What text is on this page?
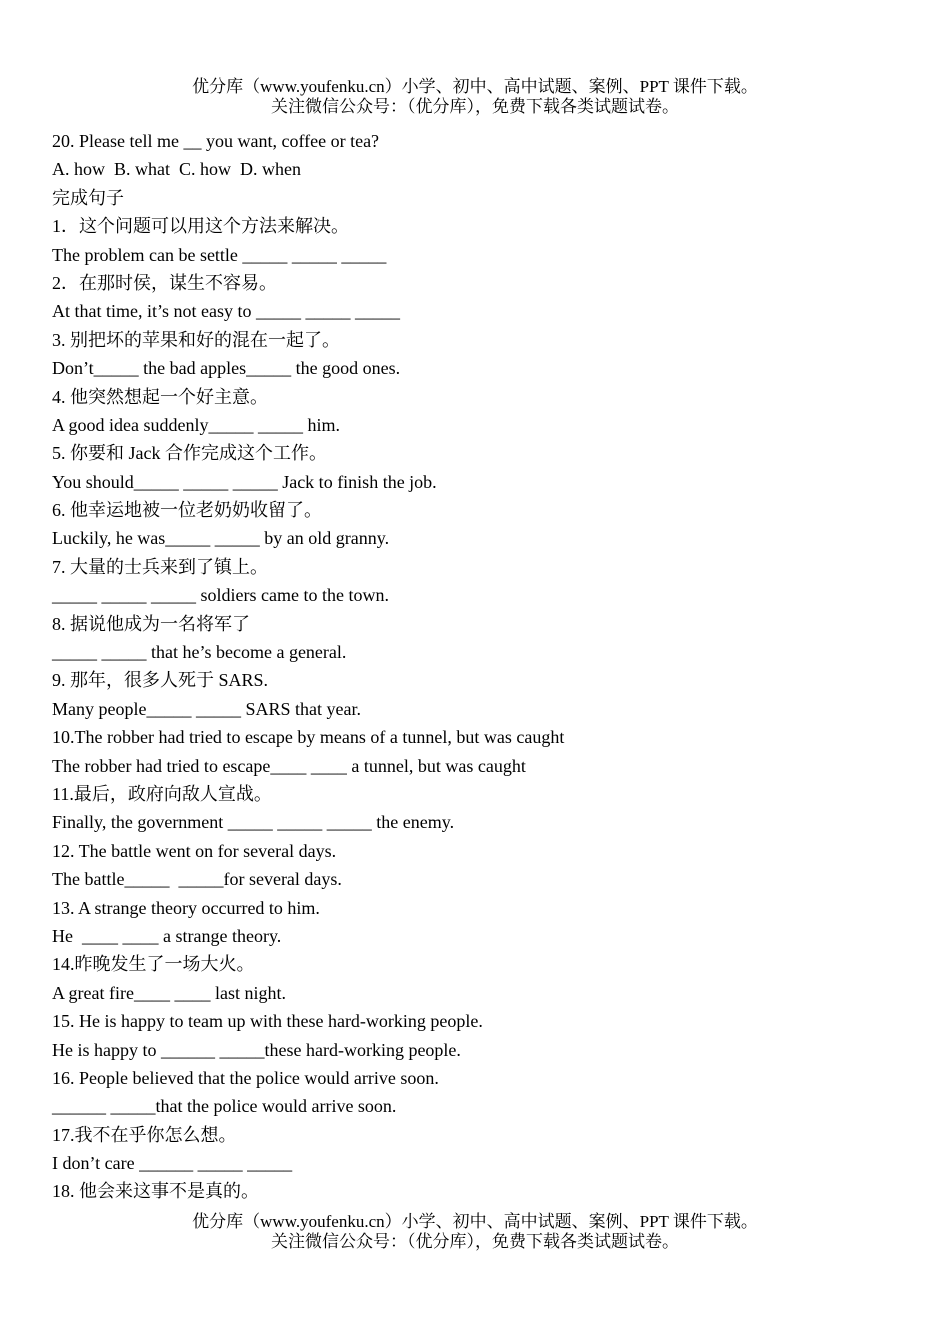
优分库（www.youfenku.cn）小学、初中、高中试题、案例、PPT 课件下载。
关注微信公众号：（优分库），免费下载各类试题试卷。
20. Please tell me __ you want, coffee or tea?
A. how  B. what  C. how  D. when
完成句子
1．这个问题可以用这个方法来解决。
The problem can be settle _____ _____ _____
2．在那时侯，谋生不容易。
At that time, it’s not easy to _____ _____ _____
3. 别把坏的苹果和好的混在一起了。
Don’t_____ the bad apples_____ the good ones.
4. 他突然想起一个好主意。
A good idea suddenly_____ _____ him.
5. 你要和 Jack 合作完成这个工作。
You should_____ _____ _____ Jack to finish the job.
6. 他幸运地被一位老奶奶收留了。
Luckily, he was_____ _____ by an old granny.
7. 大量的士兵来到了镇上。
_____ _____ _____ soldiers came to the town.
8. 据说他成为一名将军了
_____ _____ that he’s become a general.
9. 那年，很多人死于 SARS.
Many people_____ _____ SARS that year.
10.The robber had tried to escape by means of a tunnel, but was caught
The robber had tried to escape____ ____ a tunnel, but was caught
11.最后，政府向敌人宣战。
Finally, the government _____ _____ _____ the enemy.
12. The battle went on for several days.
The battle_____  _____for several days.
13. A strange theory occurred to him.
He  ____ ____ a strange theory.
14.昨晚发生了一场大火。
A great fire____ ____ last night.
15. He is happy to team up with these hard-working people.
He is happy to ______ _____these hard-working people.
16. People believed that the police would arrive soon.
______ _____that the police would arrive soon.
17.我不在乎你怎么想。
I don’t care ______ _____ _____
18. 他会来这事不是真的。
优分库（www.youfenku.cn）小学、初中、高中试题、案例、PPT 课件下载。
关注微信公众号：（优分库），免费下载各类试题试卷。
